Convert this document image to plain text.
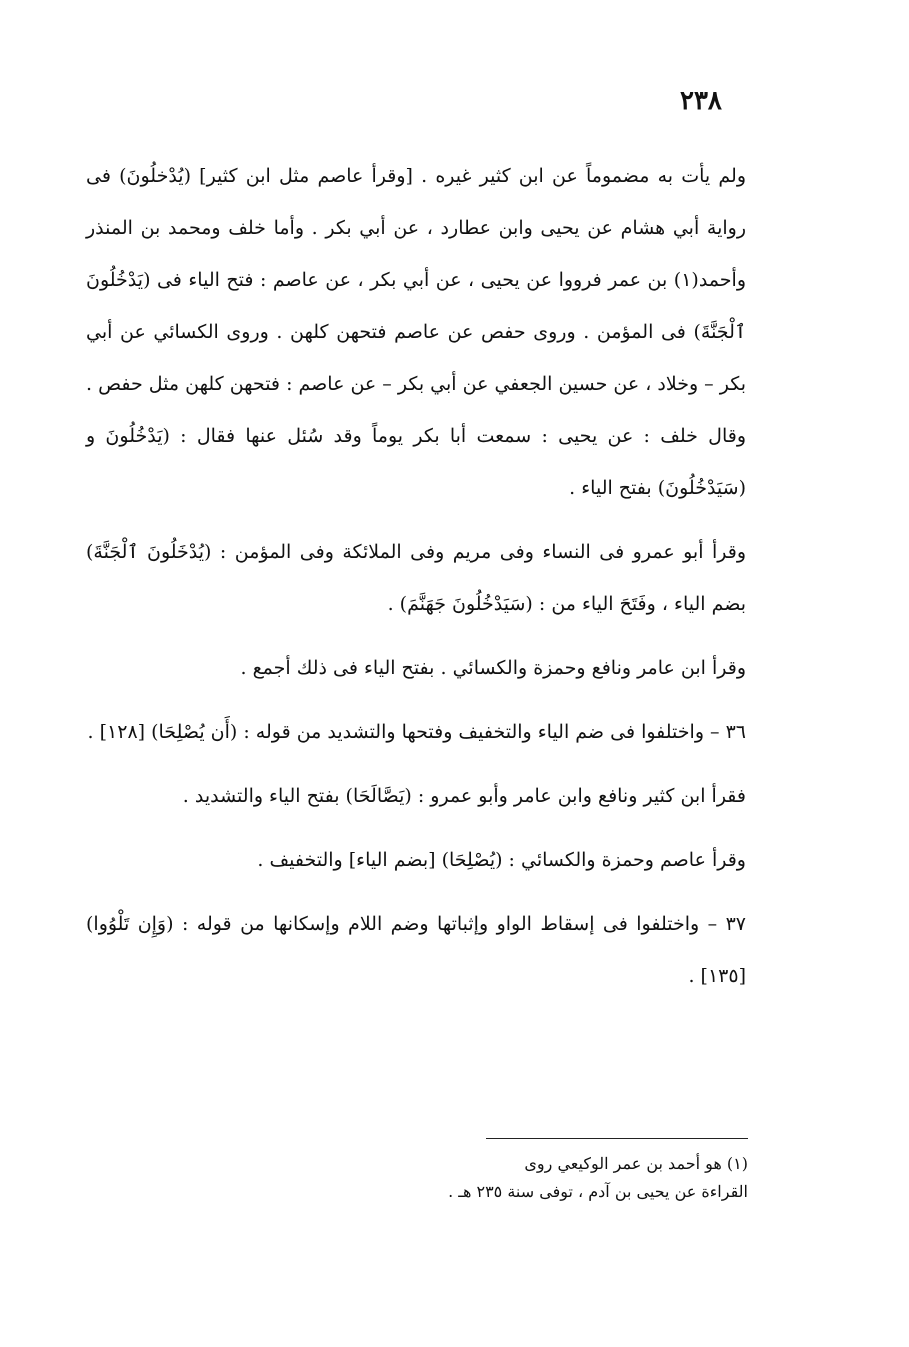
٢٣٨

ولم يأت به مضموماً عن ابن كثير غيره . [وقرأ عاصم مثل ابن كثير] (يُدْخلُونَ) فى رواية أبي هشام عن يحيى وابن عطارد ، عن أبي بكر . وأما خلف ومحمد بن المنذر وأحمد(١) بن عمر فرووا عن يحيى ، عن أبي بكر ، عن عاصم : فتح الياء فى (يَدْخُلُونَ ٱلْجَنَّةَ) فى المؤمن . وروى حفص عن عاصم فتحهن كلهن . وروى الكسائي عن أبي بكر – وخلاد ، عن حسين الجعفي عن أبي بكر – عن عاصم : فتحهن كلهن مثل حفص . وقال خلف : عن يحيى : سمعت أبا بكر يوماً وقد سُئل عنها فقال : (يَدْخُلُونَ و (سَيَدْخُلُونَ) بفتح الياء .

وقرأ أبو عمرو فى النساء وفى مريم وفى الملائكة وفى المؤمن : (يُدْخَلُونَ ٱلْجَنَّةَ) بضم الياء ، وفَتَحَ الياء من : (سَيَدْخُلُونَ جَهَنَّمَ) .

وقرأ ابن عامر ونافع وحمزة والكسائي . بفتح الياء فى ذلك أجمع .

٣٦ – واختلفوا فى ضم الياء والتخفيف وفتحها والتشديد من قوله : (أَن يُصْلِحَا) [١٢٨] .

فقرأ ابن كثير ونافع وابن عامر وأبو عمرو : (يَصَّالَحَا) بفتح الياء والتشديد .

وقرأ عاصم وحمزة والكسائي : (يُصْلِحَا) [بضم الياء] والتخفيف .

٣٧ – واختلفوا فى إسقاط الواو وإثباتها وضم اللام وإسكانها من قوله : (وَإِن تَلْوُوا) [١٣٥] .

(١) هو أحمد بن عمر الوكيعي روى
القراءة عن يحيى بن آدم ، توفى سنة ٢٣٥ هـ .
